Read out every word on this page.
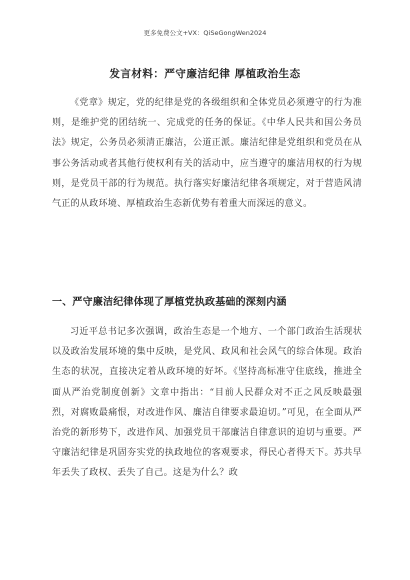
更多免费公文+VX：QiSeGongWen2024
发言材料：严守廉洁纪律 厚植政治生态

《党章》规定，党的纪律是党的各级组织和全体党员必须遵守的行为准则，是维护党的团结统一、完成党的任务的保证。《中华人民共和国公务员法》规定，公务员必须清正廉洁，公道正派。廉洁纪律是党组织和党员在从事公务活动或者其他行使权利有关的活动中，应当遵守的廉洁用权的行为规则，是党员干部的行为规范。执行落实好廉洁纪律各项规定，对于营造风清气正的从政环境、厚植政治生态新优势有着重大而深远的意义。

一、严守廉洁纪律体现了厚植党执政基础的深刻内涵

习近平总书记多次强调，政治生态是一个地方、一个部门政治生活现状以及政治发展环境的集中反映，是党风、政风和社会风气的综合体现。政治生态的状况，直接决定着从政环境的好坏。《坚持高标准守住底线，推进全面从严治党制度创新》文章中指出：“目前人民群众对不正之风反映最强烈，对腐败最痛恨，对改进作风、廉洁自律要求最迫切。”可见，在全面从严治党的新形势下，改进作风、加强党员干部廉洁自律意识的迫切与重要。严守廉洁纪律是巩固夯实党的执政地位的客观要求，得民心者得天下。苏共早年丢失了政权、丢失了自己。这是为什么？政
